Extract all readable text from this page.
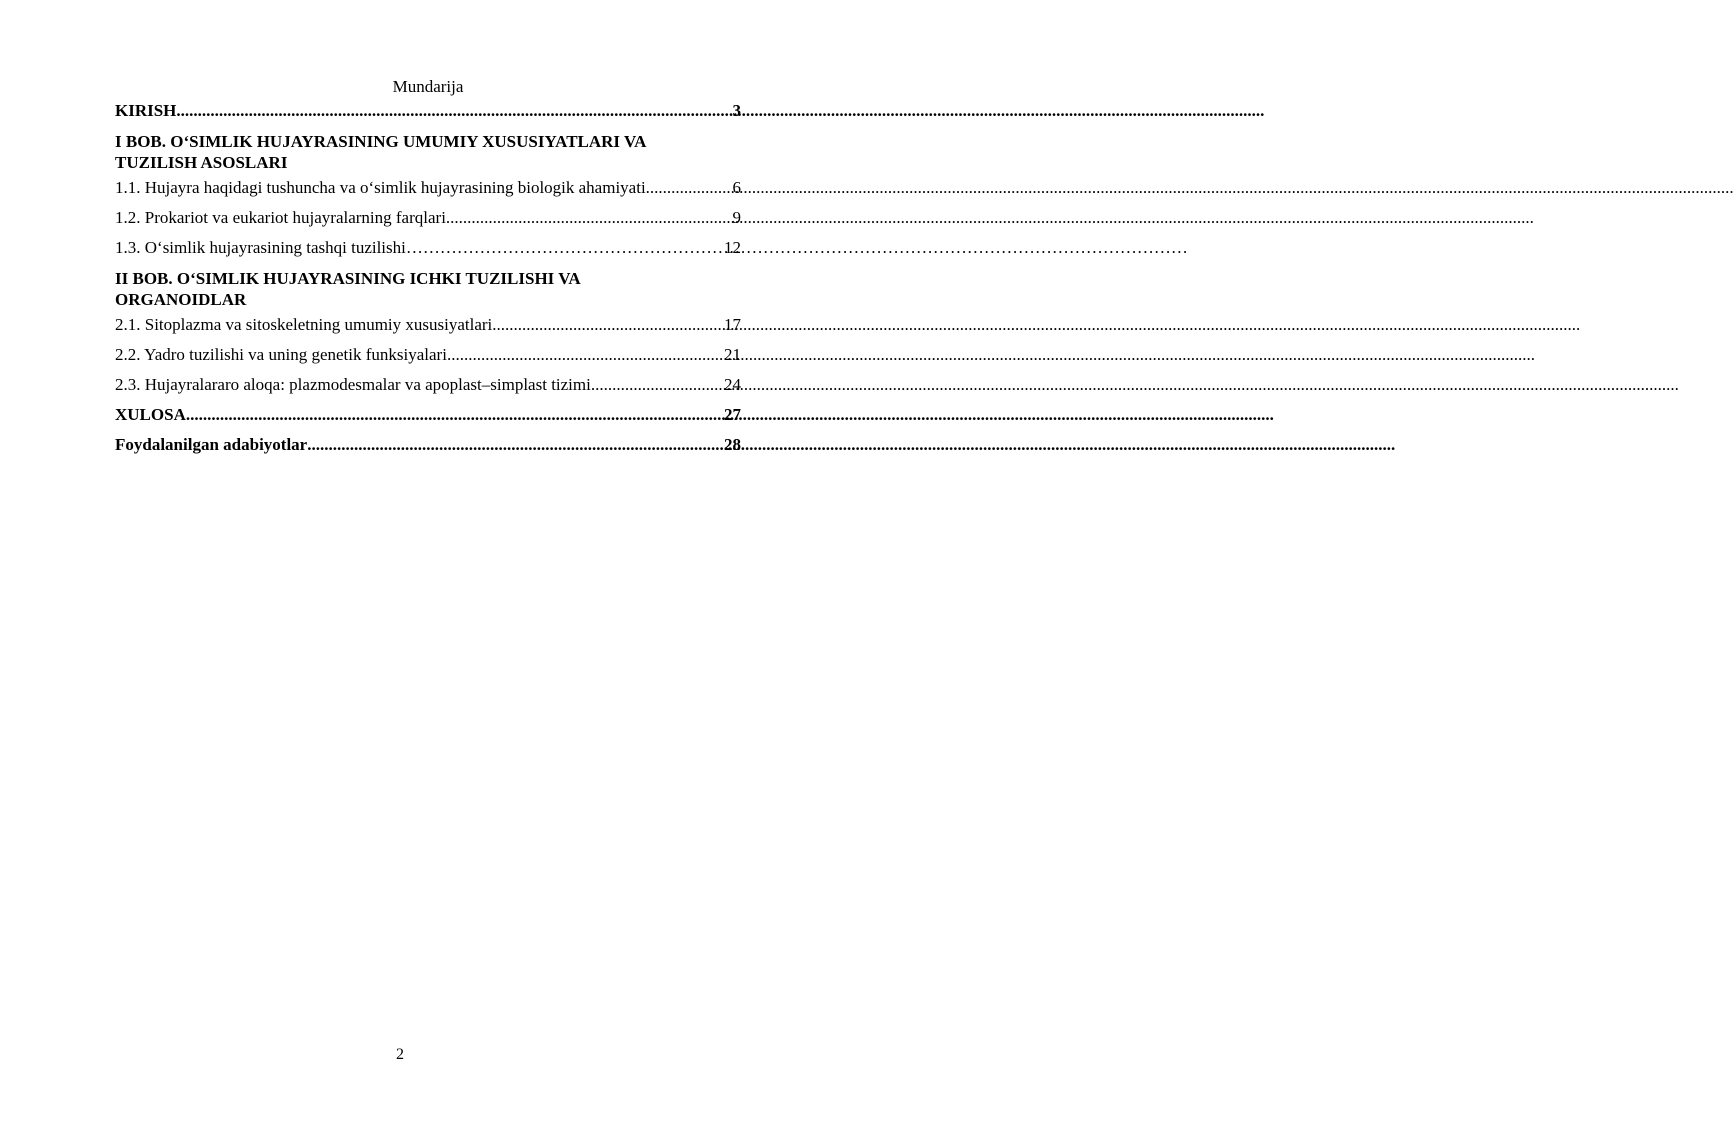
Mundarija
KIRISH .....	3
I BOB. O‘SIMLIK HUJAYRASINING UMUMIY XUSUSIYATLARI VA
TUZILISH ASOSLARI
1.1. Hujayra haqidagi tushuncha va o‘simlik hujayrasining biologik ahamiyati .....	6
1.2. Prokariot va eukariot hujayralarning farqlari .....	9
1.3. O‘simlik hujayrasining tashqi tuzilishi …………………………………………………………………………………………………………………………	12
II BOB. O‘SIMLIK HUJAYRASINING ICHKI TUZILISHI VA
ORGANOIDLAR
2.1. Sitoplazma va sitoskeletning umumiy xususiyatlari .....	17
2.2. Yadro tuzilishi va uning genetik funksiyalari .....	21
2.3. Hujayralararo aloqa: plazmodesmalar va apoplast–simplast tizimi .....	24
XULOSA .....	27
Foydalanilgan adabiyotlar .....	28
2
